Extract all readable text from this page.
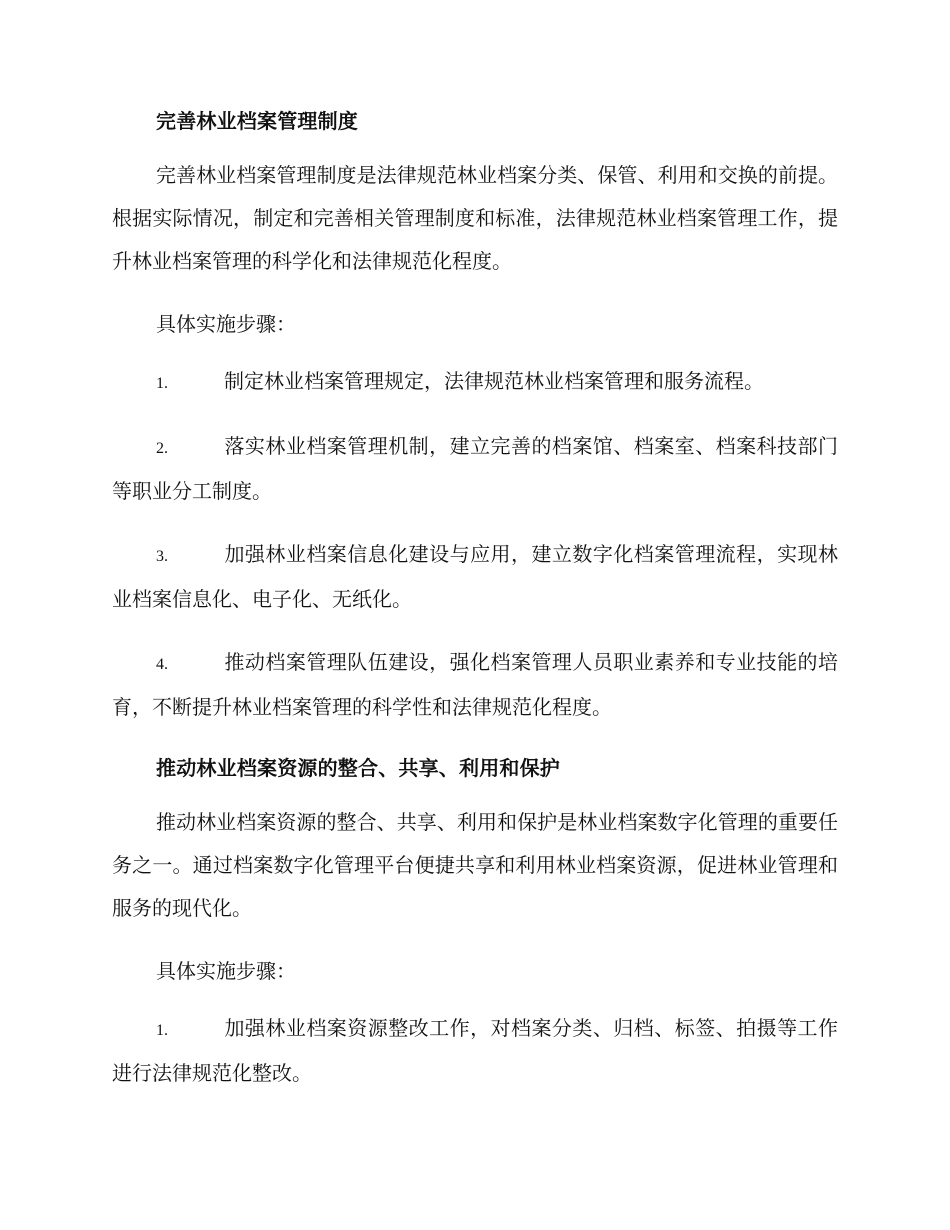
完善林业档案管理制度

完善林业档案管理制度是法律规范林业档案分类、保管、利用和交换的前提。根据实际情况，制定和完善相关管理制度和标准，法律规范林业档案管理工作，提升林业档案管理的科学化和法律规范化程度。

具体实施步骤：

1.	制定林业档案管理规定，法律规范林业档案管理和服务流程。
2.	落实林业档案管理机制，建立完善的档案馆、档案室、档案科技部门等职业分工制度。
3.	加强林业档案信息化建设与应用，建立数字化档案管理流程，实现林业档案信息化、电子化、无纸化。
4.	推动档案管理队伍建设，强化档案管理人员职业素养和专业技能的培育，不断提升林业档案管理的科学性和法律规范化程度。
推动林业档案资源的整合、共享、利用和保护

推动林业档案资源的整合、共享、利用和保护是林业档案数字化管理的重要任务之一。通过档案数字化管理平台便捷共享和利用林业档案资源，促进林业管理和服务的现代化。

具体实施步骤：

1.	加强林业档案资源整改工作，对档案分类、归档、标签、拍摄等工作进行法律规范化整改。
